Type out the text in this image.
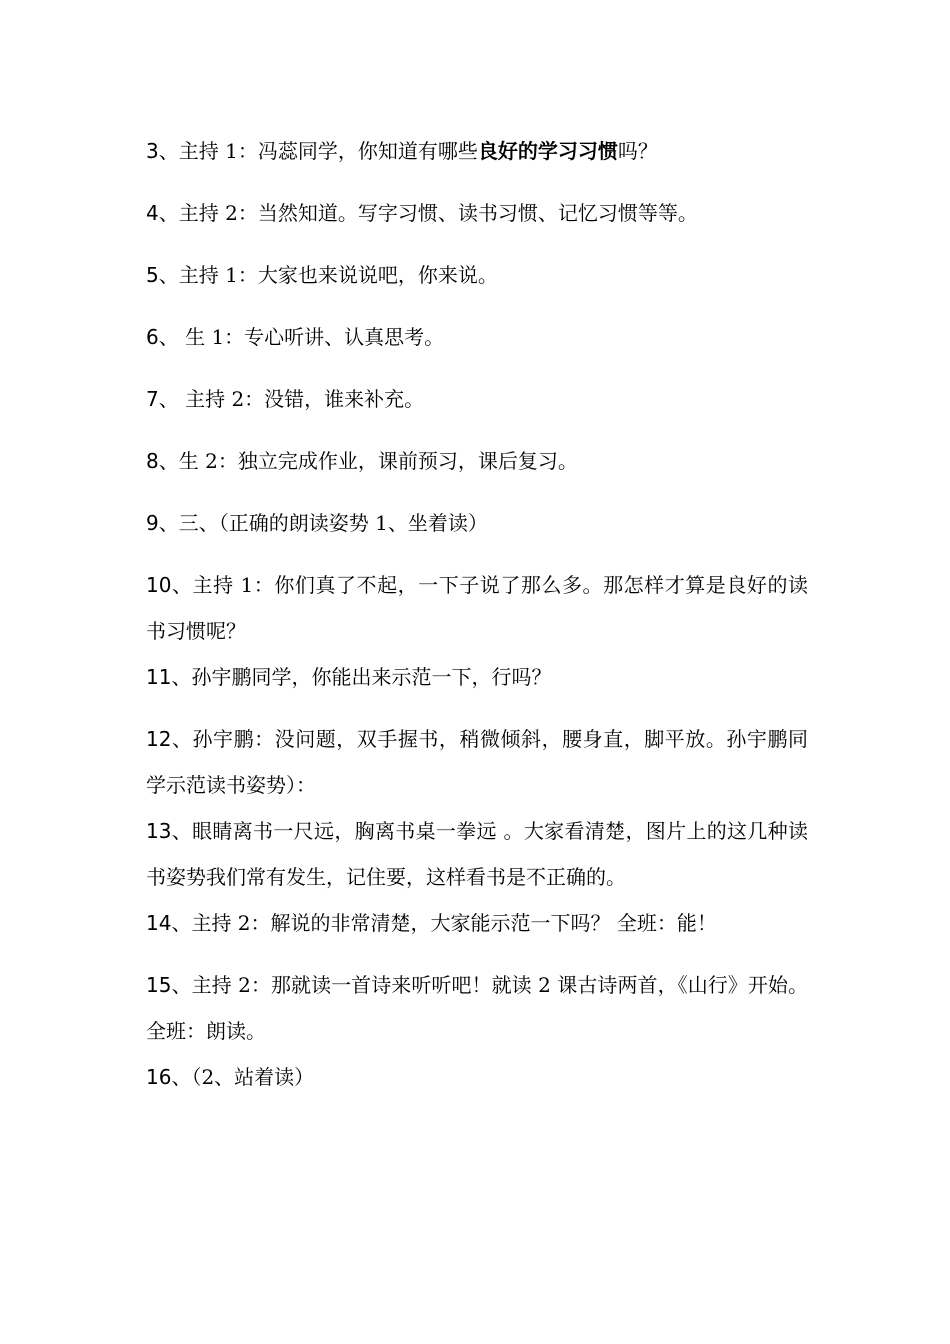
3、主持 1：冯蕊同学，你知道有哪些良好的学习习惯吗？

4、主持 2：当然知道。写字习惯、读书习惯、记忆习惯等等。

5、主持 1：大家也来说说吧，你来说。

6、 生 1：专心听讲、认真思考。

7、 主持 2：没错，谁来补充。

8、生 2：独立完成作业，课前预习，课后复习。

9、三、（正确的朗读姿势 1、坐着读）

10、主持 1：你们真了不起，一下子说了那么多。那怎样才算是良好的读书习惯呢？

11、孙宇鹏同学，你能出来示范一下，行吗？

12、孙宇鹏：没问题，双手握书，稍微倾斜，腰身直，脚平放。孙宇鹏同学示范读书姿势）：

13、眼睛离书一尺远，胸离书桌一拳远 。大家看清楚，图片上的这几种读书姿势我们常有发生，记住要，这样看书是不正确的。

14、主持 2：解说的非常清楚，大家能示范一下吗？ 全班：能！

15、主持 2：那就读一首诗来听听吧！就读 2 课古诗两首，《山行》开始。 全班：朗读。

16、（2、站着读）
